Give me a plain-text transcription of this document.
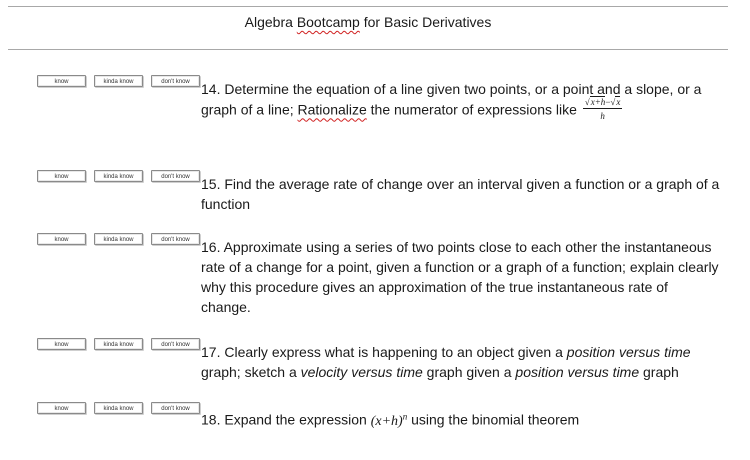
Algebra Bootcamp for Basic Derivatives
know	kinda know	don't know 14. Determine the equation of a line given two points, or a point and a slope, or a graph of a line; Rationalize the numerator of expressions like $\frac{√x+h-√x}{h}$
know	kinda know	don't know 15. Find the average rate of change over an interval given a function or a graph of a function
know	kinda know	don't know 16. Approximate using a series of two points close to each other the instantaneous rate of a change for a point, given a function or a graph of a function; explain clearly why this procedure gives an approximation of the true instantaneous rate of change.
know	kinda know	don't know 17. Clearly express what is happening to an object given a position versus time graph; sketch a velocity versus time graph given a position versus time graph
know	kinda know	don't know
18. Expand the expression $(x+h)^n$ using the binomial theorem
